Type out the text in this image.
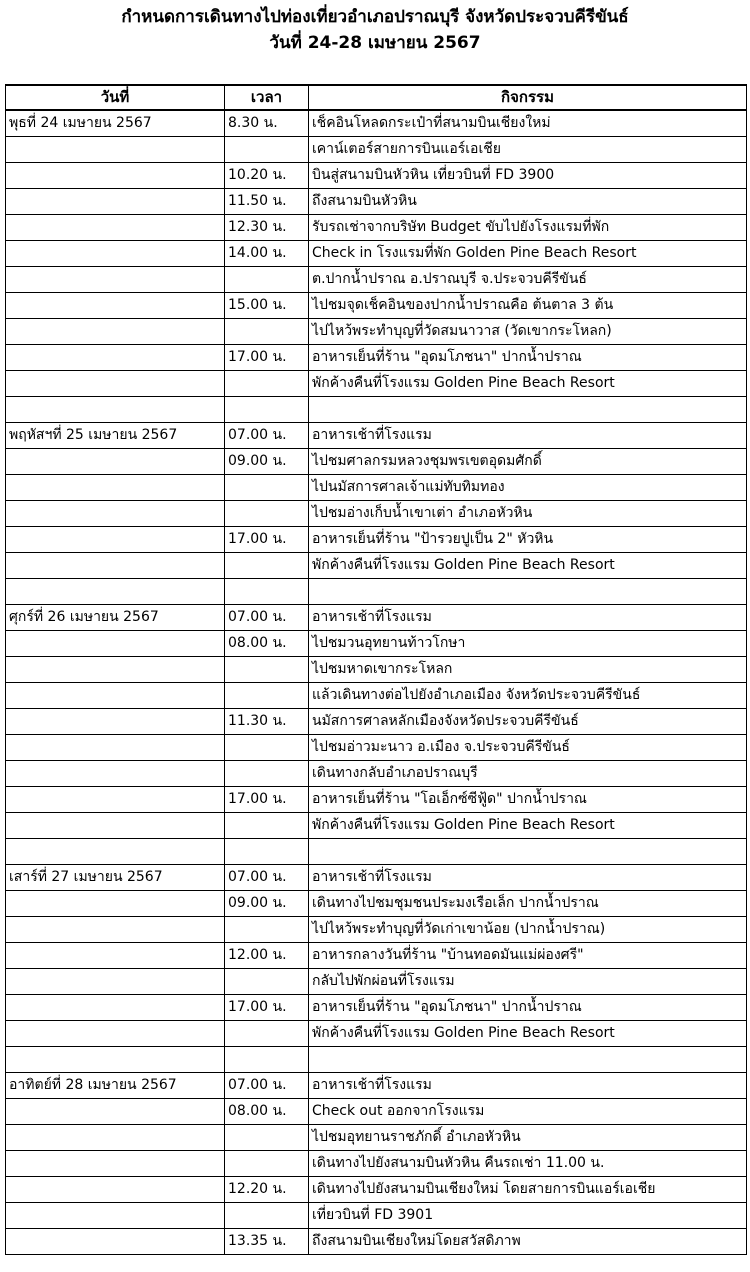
กำหนดการเดินทางไปท่องเที่ยวอำเภอปราณบุรี จังหวัดประจวบคีรีขันธ์
วันที่ 24-28 เมษายน 2567
วันที่	เวลา	กิจกรรม
พุธที่ 24 เมษายน 2567	8.30 น.	เช็คอินโหลดกระเป๋าที่สนามบินเชียงใหม่
		เคาน์เตอร์สายการบินแอร์เอเชีย
	10.20 น.	บินสู่สนามบินหัวหิน เที่ยวบินที่ FD 3900
	11.50 น.	ถึงสนามบินหัวหิน
	12.30 น.	รับรถเช่าจากบริษัท Budget ขับไปยังโรงแรมที่พัก
	14.00 น.	Check in โรงแรมที่พัก Golden Pine Beach Resort
		ต.ปากน้ำปราณ อ.ปราณบุรี จ.ประจวบคีรีขันธ์
	15.00 น.	ไปชมจุดเช็คอินของปากน้ำปราณคือ ต้นตาล 3 ต้น
		ไปไหว้พระทำบุญที่วัดสมนาวาส (วัดเขากระโหลก)
	17.00 น.	อาหารเย็นที่ร้าน "อุดมโภชนา" ปากน้ำปราณ
		พักค้างคืนที่โรงแรม Golden Pine Beach Resort

พฤหัสฯที่ 25 เมษายน 2567	07.00 น.	อาหารเช้าที่โรงแรม
	09.00 น.	ไปชมศาลกรมหลวงชุมพรเขตอุดมศักดิ์
		ไปนมัสการศาลเจ้าแม่ทับทิมทอง
		ไปชมอ่างเก็บน้ำเขาเต่า อำเภอหัวหิน
	17.00 น.	อาหารเย็นที่ร้าน "ป้ารวยปูเป็น 2" หัวหิน
		พักค้างคืนที่โรงแรม Golden Pine Beach Resort

ศุกร์ที่ 26 เมษายน 2567	07.00 น.	อาหารเช้าที่โรงแรม
	08.00 น.	ไปชมวนอุทยานท้าวโกษา
		ไปชมหาดเขากระโหลก
		แล้วเดินทางต่อไปยังอำเภอเมือง จังหวัดประจวบคีรีขันธ์
	11.30 น.	นมัสการศาลหลักเมืองจังหวัดประจวบคีรีขันธ์
		ไปชมอ่าวมะนาว อ.เมือง จ.ประจวบคีรีขันธ์
		เดินทางกลับอำเภอปราณบุรี
	17.00 น.	อาหารเย็นที่ร้าน "โอเอ็กซ์ซีฟู้ด" ปากน้ำปราณ
		พักค้างคืนที่โรงแรม Golden Pine Beach Resort

เสาร์ที่ 27 เมษายน 2567	07.00 น.	อาหารเช้าที่โรงแรม
	09.00 น.	เดินทางไปชมชุมชนประมงเรือเล็ก ปากน้ำปราณ
		ไปไหว้พระทำบุญที่วัดเก่าเขาน้อย (ปากน้ำปราณ)
	12.00 น.	อาหารกลางวันที่ร้าน "บ้านทอดมันแม่ผ่องศรี"
		กลับไปพักผ่อนที่โรงแรม
	17.00 น.	อาหารเย็นที่ร้าน "อุดมโภชนา" ปากน้ำปราณ
		พักค้างคืนที่โรงแรม Golden Pine Beach Resort

อาทิตย์ที่ 28 เมษายน 2567	07.00 น.	อาหารเช้าที่โรงแรม
	08.00 น.	Check out ออกจากโรงแรม
		ไปชมอุทยานราชภักดิ์ อำเภอหัวหิน
		เดินทางไปยังสนามบินหัวหิน คืนรถเช่า 11.00 น.
	12.20 น.	เดินทางไปยังสนามบินเชียงใหม่ โดยสายการบินแอร์เอเชีย
		เที่ยวบินที่ FD 3901
	13.35 น.	ถึงสนามบินเชียงใหม่โดยสวัสดิภาพ
